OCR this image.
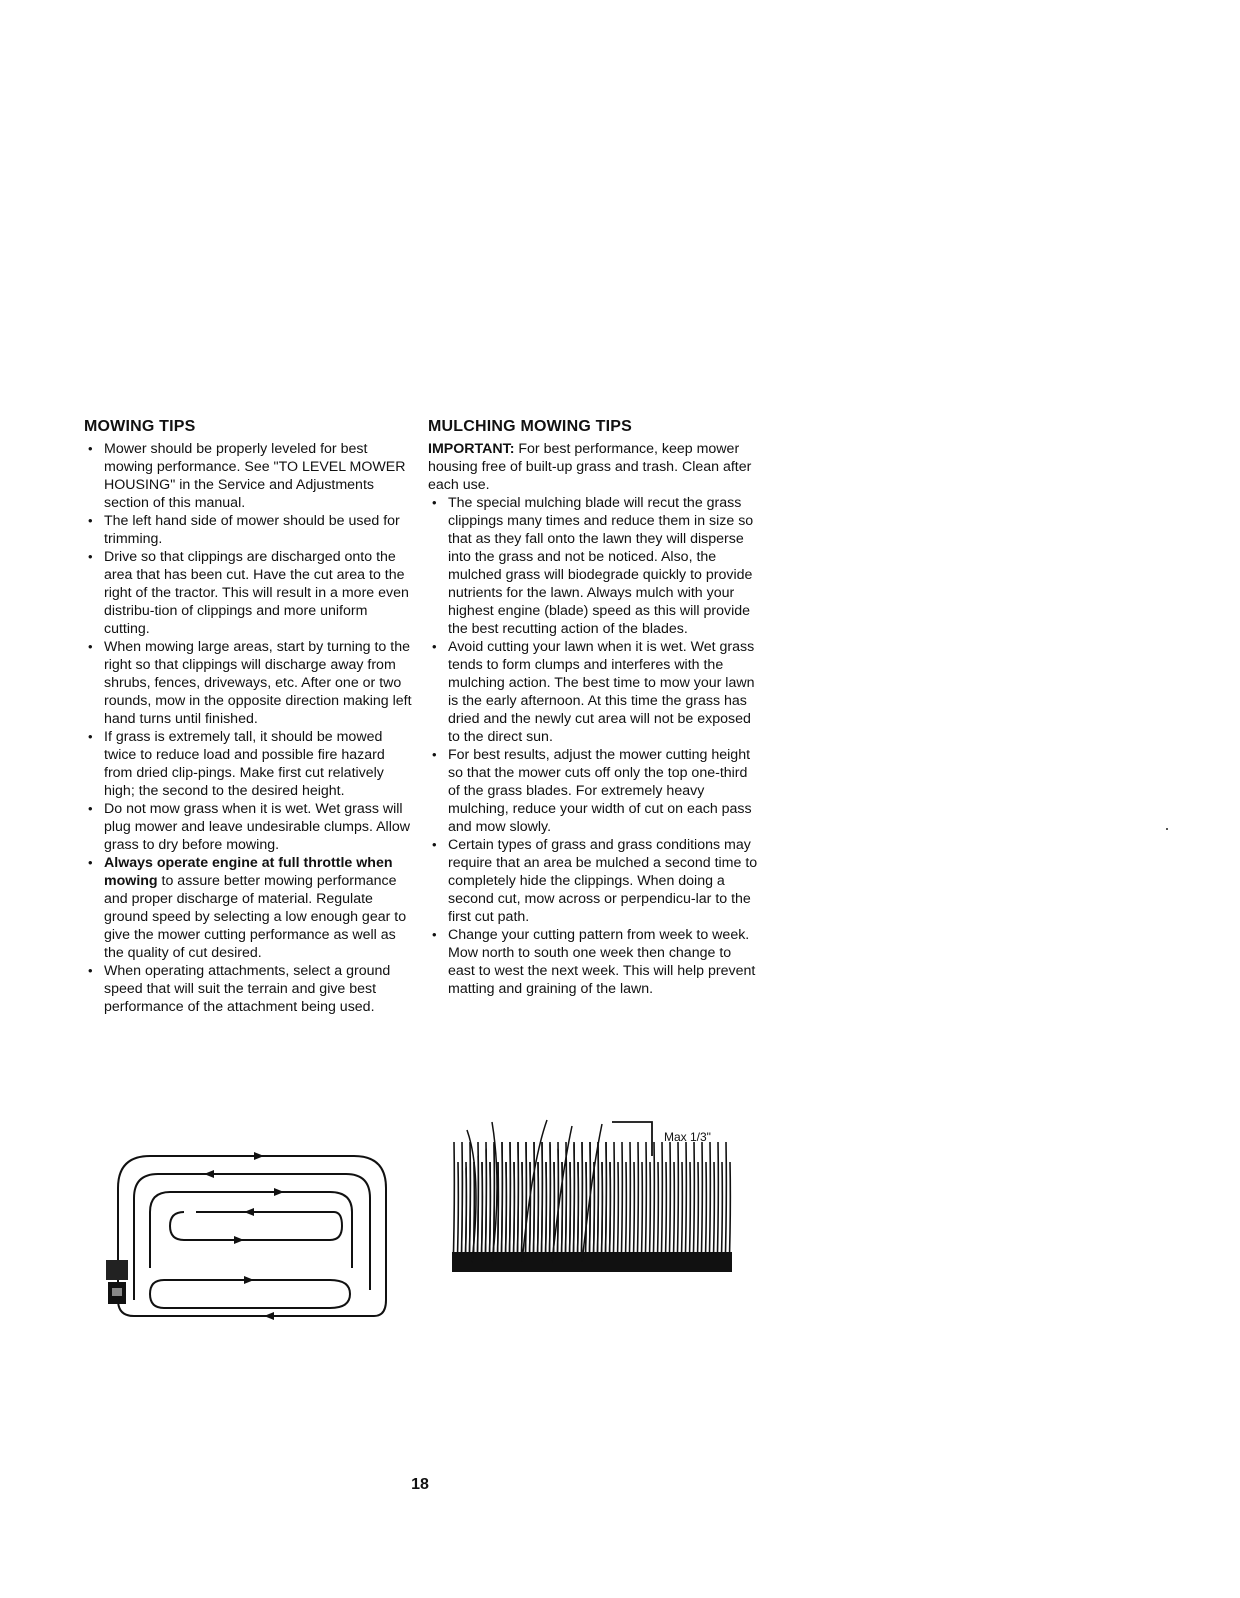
MOWING TIPS
• Mower should be properly leveled for best mowing performance. See "TO LEVEL MOWER HOUSING" in the Service and Adjustments section of this manual.
• The left hand side of mower should be used for trimming.
• Drive so that clippings are discharged onto the area that has been cut. Have the cut area to the right of the tractor. This will result in a more even distribu-tion of clippings and more uniform cutting.
• When mowing large areas, start by turning to the right so that clippings will discharge away from shrubs, fences, driveways, etc. After one or two rounds, mow in the opposite direction making left hand turns until finished.
• If grass is extremely tall, it should be mowed twice to reduce load and possible fire hazard from dried clip-pings. Make first cut relatively high; the second to the desired height.
• Do not mow grass when it is wet. Wet grass will plug mower and leave undesirable clumps. Allow grass to dry before mowing.
• Always operate engine at full throttle when mowing to assure better mowing performance and proper discharge of material. Regulate ground speed by selecting a low enough gear to give the mower cutting performance as well as the quality of cut desired.
• When operating attachments, select a ground speed that will suit the terrain and give best performance of the attachment being used.
MULCHING MOWING TIPS

IMPORTANT: For best performance, keep mower housing free of built-up grass and trash. Clean after each use.

• The special mulching blade will recut the grass clippings many times and reduce them in size so that as they fall onto the lawn they will disperse into the grass and not be noticed. Also, the mulched grass will biodegrade quickly to provide nutrients for the lawn. Always mulch with your highest engine (blade) speed as this will provide the best recutting action of the blades.
• Avoid cutting your lawn when it is wet. Wet grass tends to form clumps and interferes with the mulching action. The best time to mow your lawn is the early afternoon. At this time the grass has dried and the newly cut area will not be exposed to the direct sun.
• For best results, adjust the mower cutting height so that the mower cuts off only the top one-third of the grass blades. For extremely heavy mulching, reduce your width of cut on each pass and mow slowly.
• Certain types of grass and grass conditions may require that an area be mulched a second time to completely hide the clippings. When doing a second cut, mow across or perpendicu-lar to the first cut path.
• Change your cutting pattern from week to week. Mow north to south one week then change to east to west the next week. This will help prevent matting and graining of the lawn.
Max 1/3"
18
